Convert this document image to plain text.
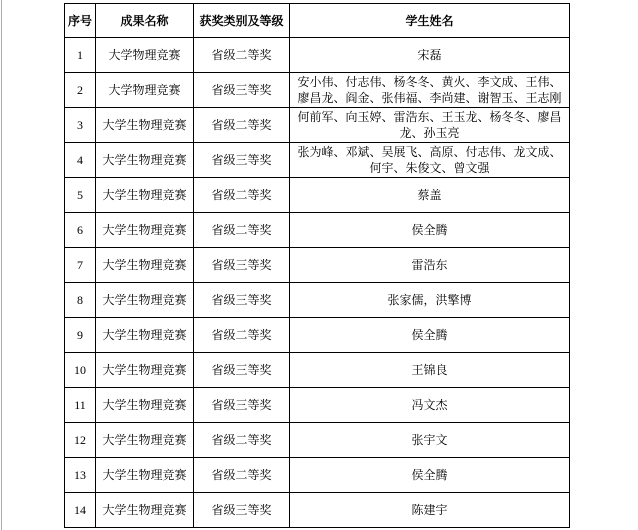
序号	成果名称	获奖类别及等级	学生姓名
1	大学物理竞赛	省级二等奖	宋磊
2	大学物理竞赛	省级三等奖	安小伟、付志伟、杨冬冬、黄火、李文成、王伟、廖昌龙、阎金、张伟福、李尚建、谢智玉、王志刚
3	大学生物理竞赛	省级二等奖	何前军、向玉婷、雷浩东、王玉龙、杨冬冬、廖昌龙、孙玉亮
4	大学生物理竞赛	省级三等奖	张为峰、邓斌、吴展飞、高原、付志伟、龙文成、何宇、朱俊文、曾文强
5	大学生物理竞赛	省级二等奖	蔡盖
6	大学生物理竞赛	省级二等奖	侯全腾
7	大学生物理竞赛	省级三等奖	雷浩东
8	大学生物理竞赛	省级三等奖	张家儒，洪擎博
9	大学生物理竞赛	省级二等奖	侯全腾
10	大学生物理竞赛	省级三等奖	王锦良
11	大学生物理竞赛	省级三等奖	冯文杰
12	大学生物理竞赛	省级二等奖	张宇文
13	大学生物理竞赛	省级二等奖	侯全腾
14	大学生物理竞赛	省级三等奖	陈建宇
